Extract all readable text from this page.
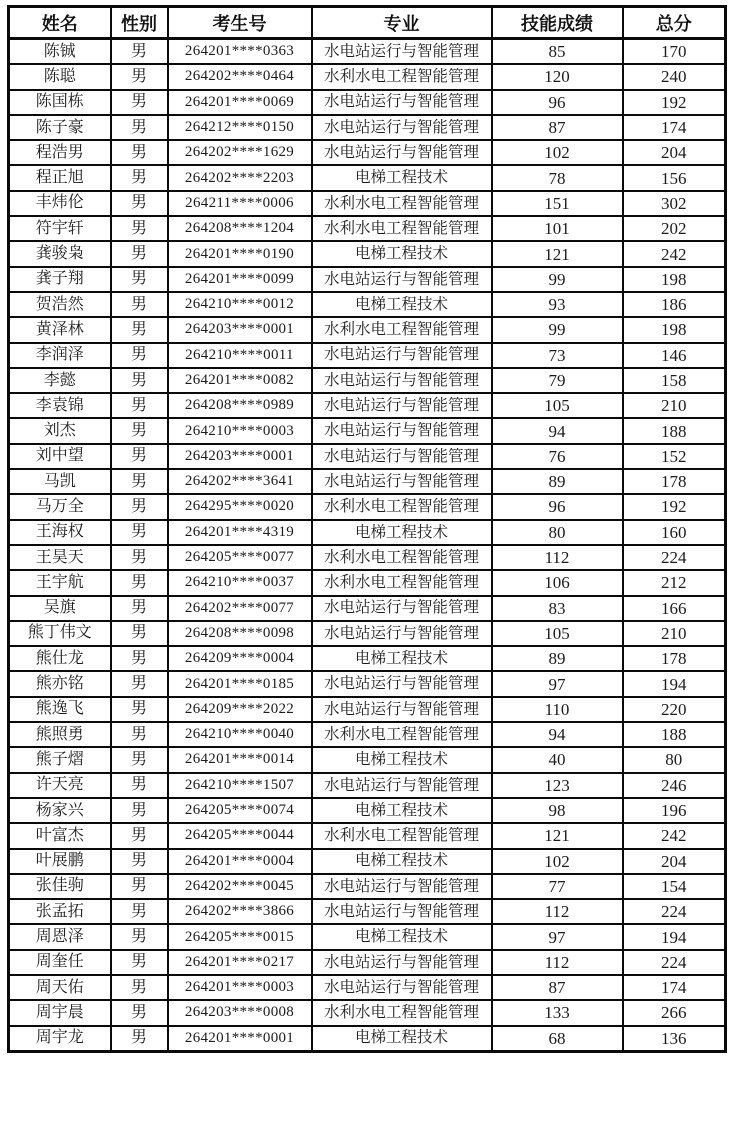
姓名	性别	考生号	专业	技能成绩	总分
陈铖	男	264201****0363	水电站运行与智能管理	85	170
陈聪	男	264202****0464	水利水电工程智能管理	120	240
陈国栋	男	264201****0069	水电站运行与智能管理	96	192
陈子豪	男	264212****0150	水电站运行与智能管理	87	174
程浩男	男	264202****1629	水电站运行与智能管理	102	204
程正旭	男	264202****2203	电梯工程技术	78	156
丰炜伦	男	264211****0006	水利水电工程智能管理	151	302
符宇轩	男	264208****1204	水利水电工程智能管理	101	202
龚骏枭	男	264201****0190	电梯工程技术	121	242
龚子翔	男	264201****0099	水电站运行与智能管理	99	198
贺浩然	男	264210****0012	电梯工程技术	93	186
黄泽林	男	264203****0001	水利水电工程智能管理	99	198
李润泽	男	264210****0011	水电站运行与智能管理	73	146
李懿	男	264201****0082	水电站运行与智能管理	79	158
李袁锦	男	264208****0989	水电站运行与智能管理	105	210
刘杰	男	264210****0003	水电站运行与智能管理	94	188
刘中望	男	264203****0001	水电站运行与智能管理	76	152
马凯	男	264202****3641	水电站运行与智能管理	89	178
马万全	男	264295****0020	水利水电工程智能管理	96	192
王海权	男	264201****4319	电梯工程技术	80	160
王昊天	男	264205****0077	水利水电工程智能管理	112	224
王宇航	男	264210****0037	水利水电工程智能管理	106	212
吴旗	男	264202****0077	水电站运行与智能管理	83	166
熊丁伟文	男	264208****0098	水电站运行与智能管理	105	210
熊仕龙	男	264209****0004	电梯工程技术	89	178
熊亦铭	男	264201****0185	水电站运行与智能管理	97	194
熊逸飞	男	264209****2022	水电站运行与智能管理	110	220
熊照勇	男	264210****0040	水利水电工程智能管理	94	188
熊子熠	男	264201****0014	电梯工程技术	40	80
许天亮	男	264210****1507	水电站运行与智能管理	123	246
杨家兴	男	264205****0074	电梯工程技术	98	196
叶富杰	男	264205****0044	水利水电工程智能管理	121	242
叶展鹏	男	264201****0004	电梯工程技术	102	204
张佳驹	男	264202****0045	水电站运行与智能管理	77	154
张孟拓	男	264202****3866	水电站运行与智能管理	112	224
周恩泽	男	264205****0015	电梯工程技术	97	194
周奎任	男	264201****0217	水电站运行与智能管理	112	224
周天佑	男	264201****0003	水电站运行与智能管理	87	174
周宇晨	男	264203****0008	水利水电工程智能管理	133	266
周宇龙	男	264201****0001	电梯工程技术	68	136
